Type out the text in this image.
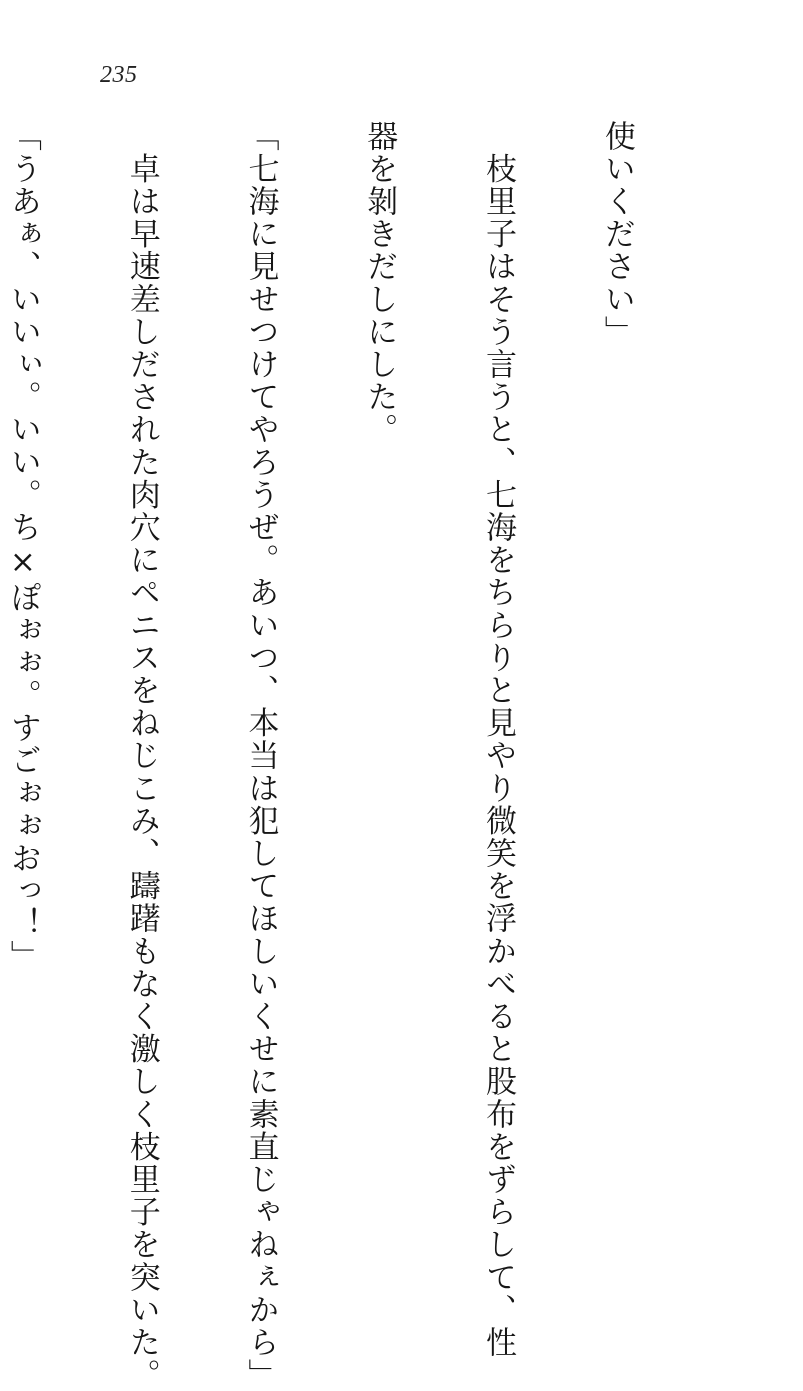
235

使いください」

　枝里子はそう言うと、七海をちらりと見やり微笑を浮かべると股布をずらして、性

器を剝きだしにした。

「七海に見せつけてやろうぜ。あいつ、本当は犯してほしいくせに素直じゃねぇから」

　卓は早速差しだされた肉穴にペニスをねじこみ、躊躇もなく激しく枝里子を突いた。

「うあぁ、いいぃ。いい。ち×ぽぉぉ。すごぉぉおっ！」
